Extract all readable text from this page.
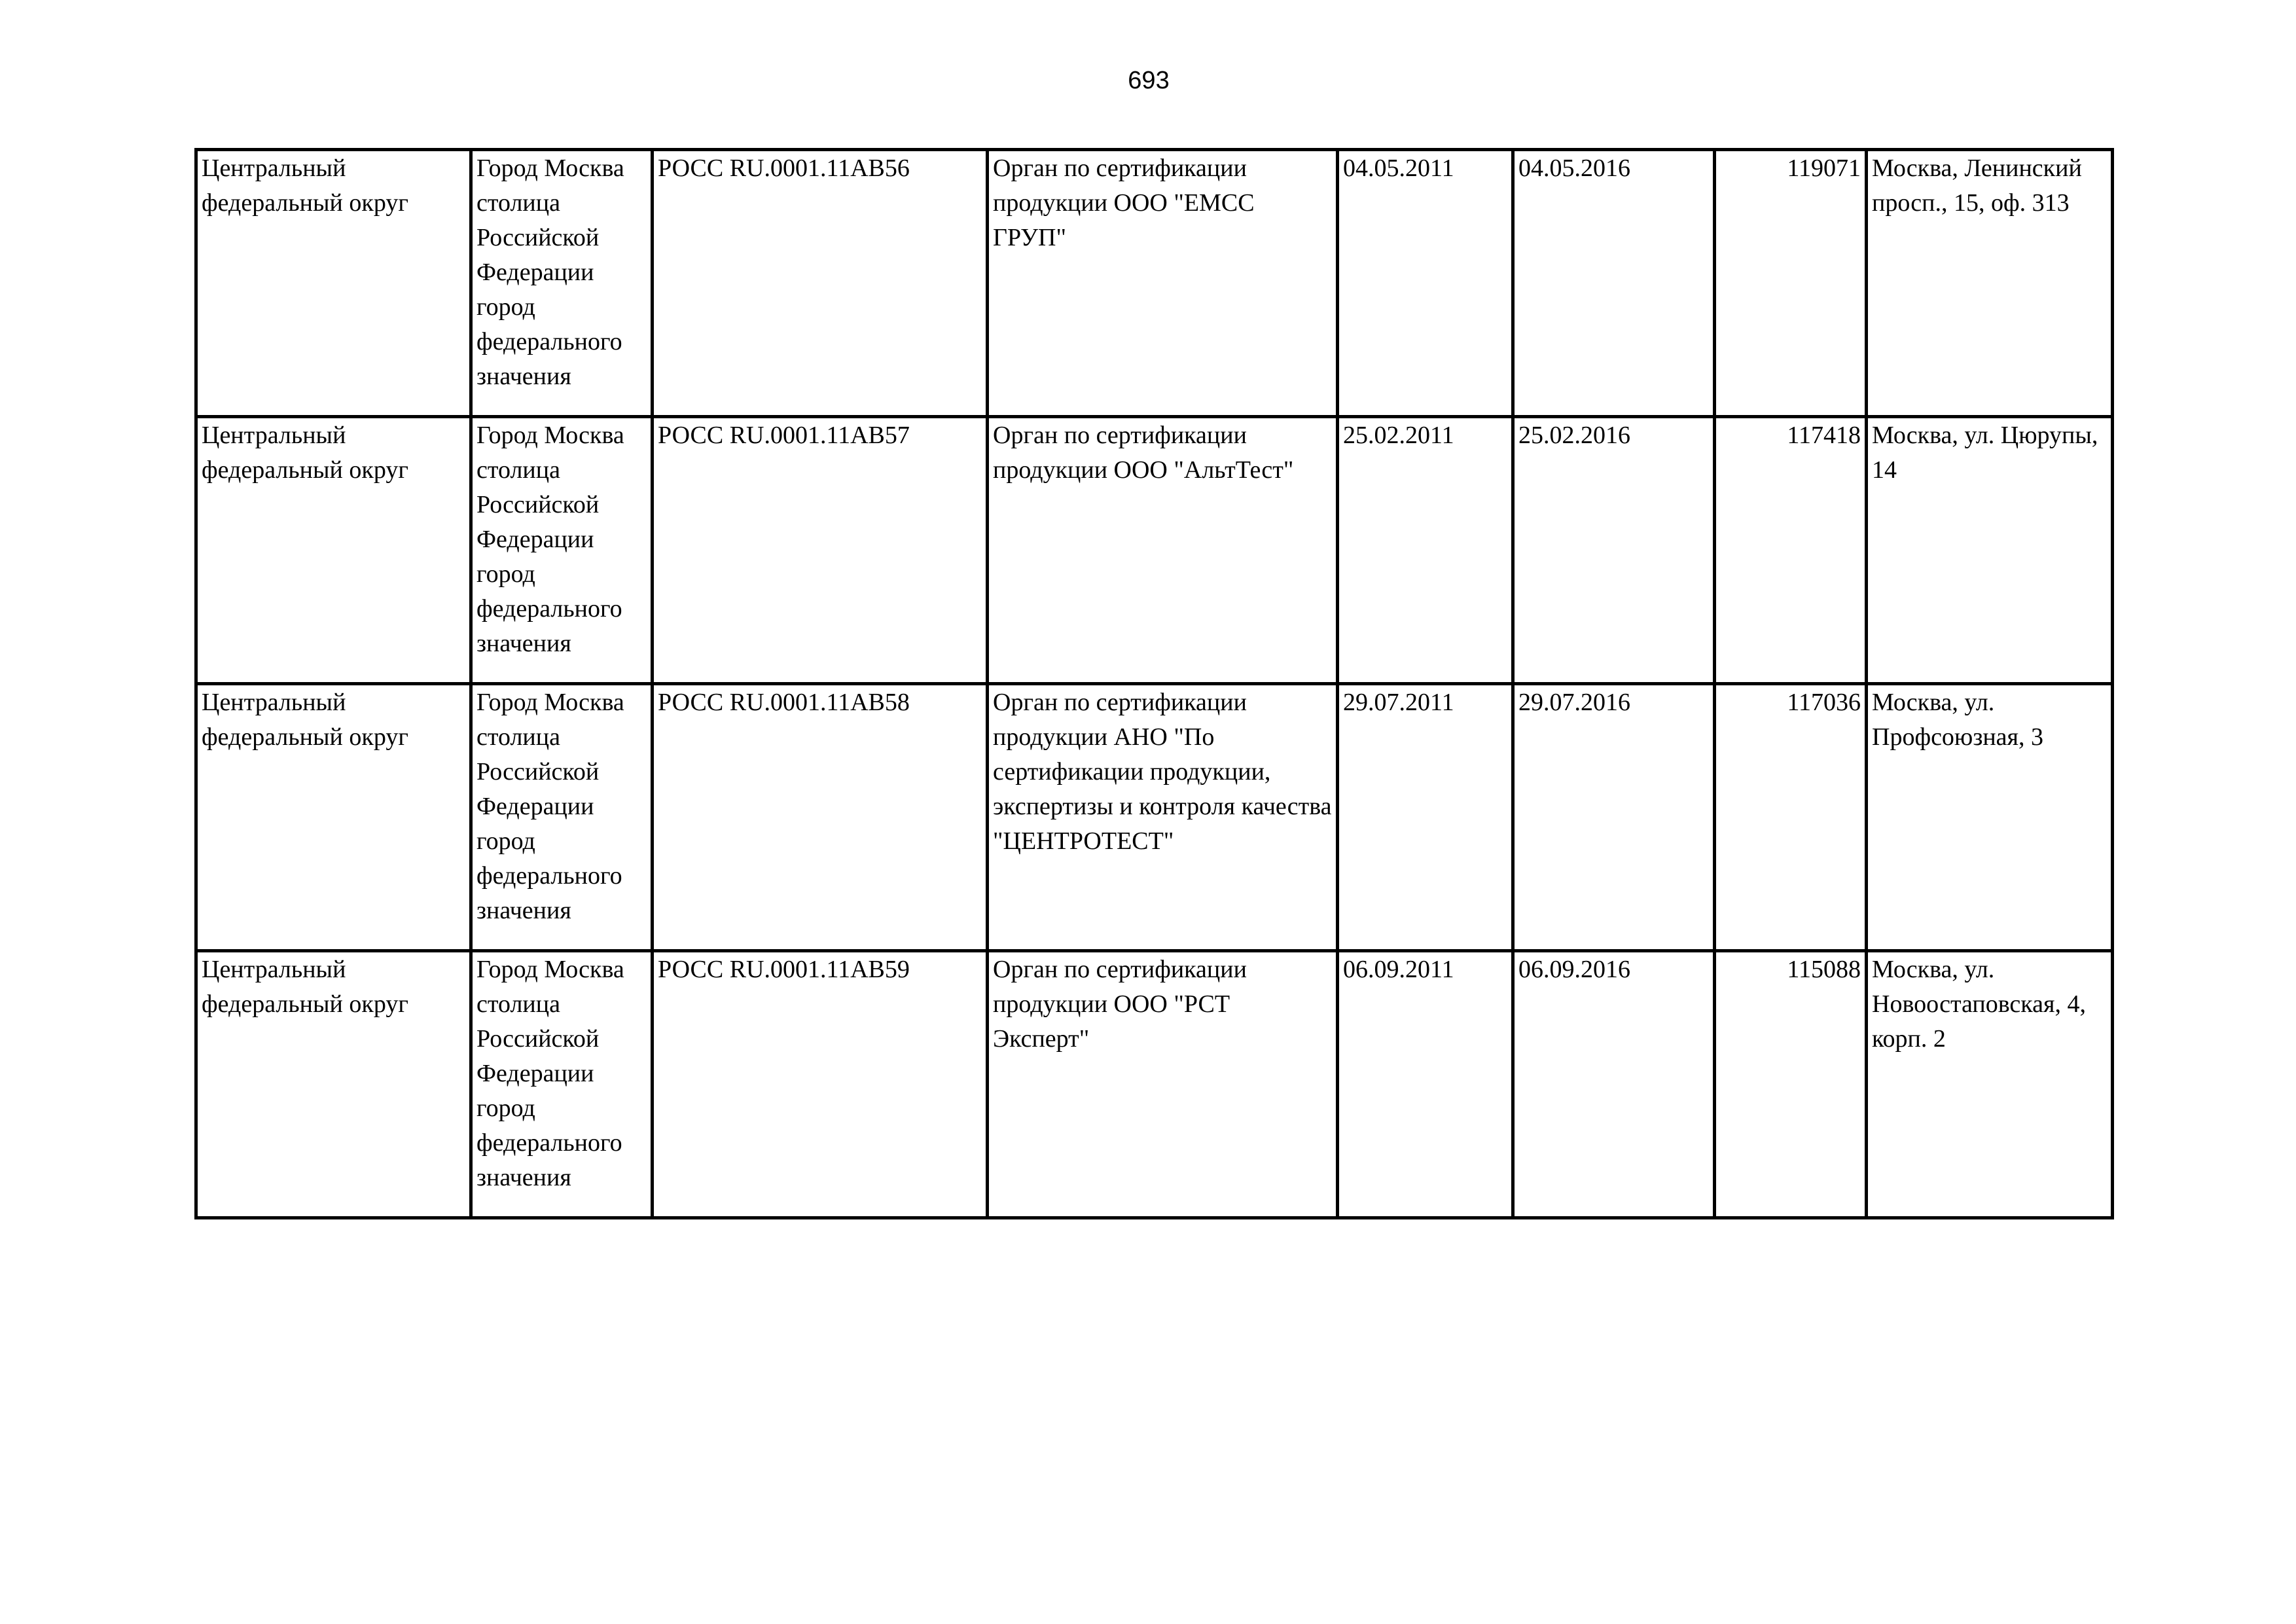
693
Центральный федеральный округ	Город Москва столица Российской Федерации город федерального значения	РОСС RU.0001.11АВ56	Орган по сертификации продукции ООО "ЕМСС ГРУП"	04.05.2011	04.05.2016	119071	Москва, Ленинский просп., 15, оф. 313

Центральный федеральный округ	Город Москва столица Российской Федерации город федерального значения	РОСС RU.0001.11АВ57	Орган по сертификации продукции ООО "АльтТест"	25.02.2011	25.02.2016	117418	Москва, ул. Цюрупы, 14

Центральный федеральный округ	Город Москва столица Российской Федерации город федерального значения	РОСС RU.0001.11АВ58	Орган по сертификации продукции АНО "По сертификации продукции, экспертизы и контроля качества "ЦЕНТРОТЕСТ"	29.07.2011	29.07.2016	117036	Москва, ул. Профсоюзная, 3

Центральный федеральный округ	Город Москва столица Российской Федерации город федерального значения	РОСС RU.0001.11АВ59	Орган по сертификации продукции ООО "РСТ Эксперт"	06.09.2011	06.09.2016	115088	Москва, ул. Новоостаповская, 4, корп. 2
